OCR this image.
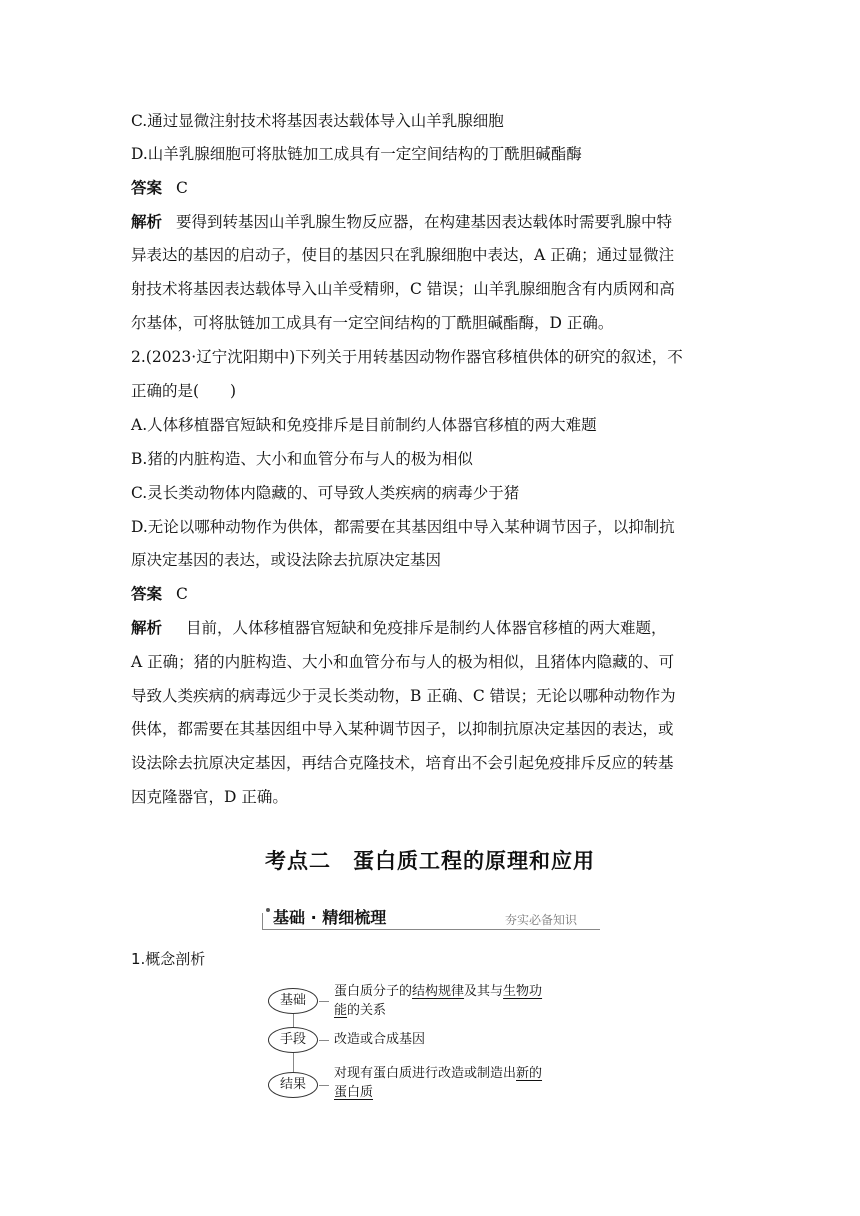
C.通过显微注射技术将基因表达载体导入山羊乳腺细胞
D.山羊乳腺细胞可将肽链加工成具有一定空间结构的丁酰胆碱酯酶
答案 C
解析 要得到转基因山羊乳腺生物反应器，在构建基因表达载体时需要乳腺中特
异表达的基因的启动子，使目的基因只在乳腺细胞中表达，A 正确；通过显微注
射技术将基因表达载体导入山羊受精卵，C 错误；山羊乳腺细胞含有内质网和高
尔基体，可将肽链加工成具有一定空间结构的丁酰胆碱酯酶，D 正确。
2.(2023·辽宁沈阳期中)下列关于用转基因动物作器官移植供体的研究的叙述，不
正确的是(　　)
A.人体移植器官短缺和免疫排斥是目前制约人体器官移植的两大难题
B.猪的内脏构造、大小和血管分布与人的极为相似
C.灵长类动物体内隐藏的、可导致人类疾病的病毒少于猪
D.无论以哪种动物作为供体，都需要在其基因组中导入某种调节因子，以抑制抗
原决定基因的表达，或设法除去抗原决定基因
答案 C
解析 目前，人体移植器官短缺和免疫排斥是制约人体器官移植的两大难题，
A 正确；猪的内脏构造、大小和血管分布与人的极为相似，且猪体内隐藏的、可
导致人类疾病的病毒远少于灵长类动物，B 正确、C 错误；无论以哪种动物作为
供体，都需要在其基因组中导入某种调节因子，以抑制抗原决定基因的表达，或
设法除去抗原决定基因，再结合克隆技术，培育出不会引起免疫排斥反应的转基
因克隆器官，D 正确。
考点二　蛋白质工程的原理和应用
基础 · 精细梳理	夯实必备知识
1.概念剖析
基础
蛋白质分子的结构规律及其与生物功
能的关系
手段	改造或合成基因
结果
对现有蛋白质进行改造或制造出新的
蛋白质
